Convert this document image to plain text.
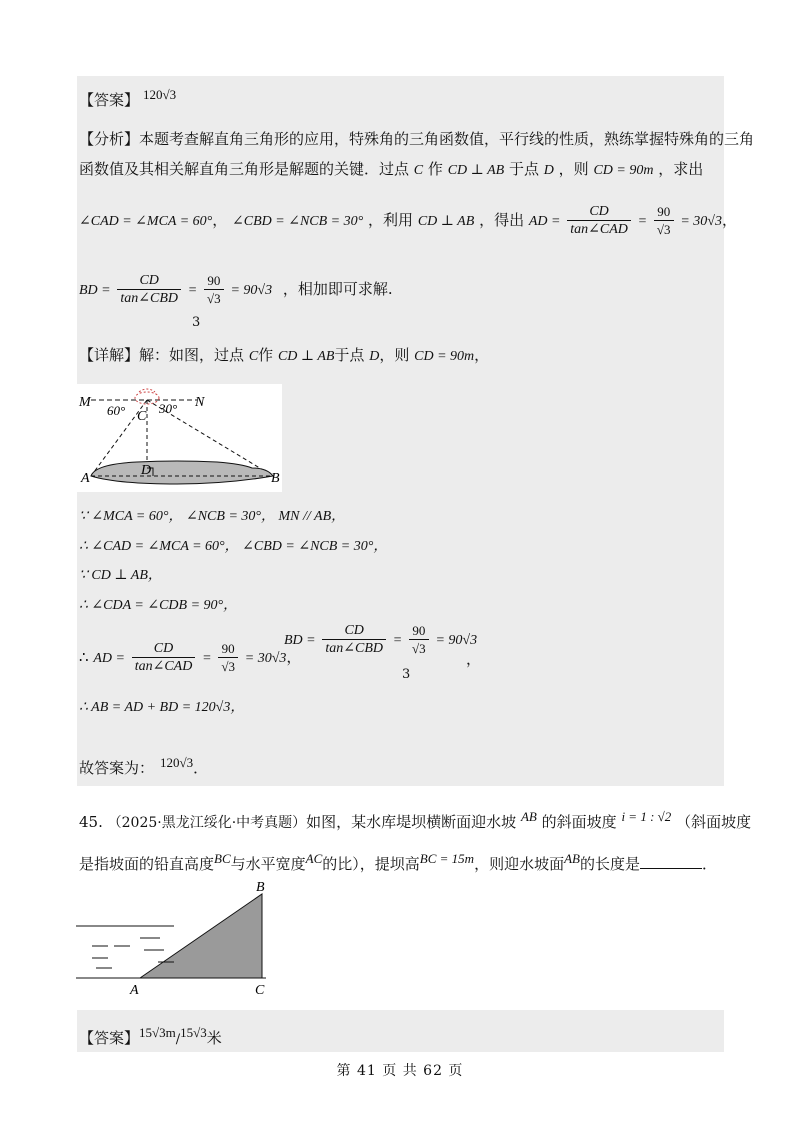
【答案】 $^{120√3}$
【分析】本题考查解直角三角形的应用，特殊角的三角函数值，平行线的性质，熟练掌握特殊角的三角
函数值及其相关解直角三角形是解题的关键．过点 C 作 CD ⊥ AB 于点 D ，则 CD = 90m ，求出
∠CAD = ∠MCA = 60°， ∠CBD = ∠NCB = 30° ，利用 CD ⊥ AB ，得出 AD = $\frac{CD}{\text{tan∠CAD}} = \frac{90}{√3} = 30√3$，
BD = $\frac{CD}{\text{tan∠CBD}} = \frac{90}{√3} = 90√3$ ，相加即可求解.
3
【详解】解：如图，过点 C作 CD ⊥ AB于点 D，则 CD = 90m，
M	N
C
60°	30°
A	B
D
∵ ∠MCA = 60°， ∠NCB = 30°， MN // AB，
∴ ∠CAD = ∠MCA = 60°， ∠CBD = ∠NCB = 30°，
∵ CD ⊥ AB，
∴ ∠CDA = ∠CDB = 90°，
∴ AD = $\frac{CD}{\text{tan∠CAD}} = \frac{90}{√3} = 30√3$，
BD = $\frac{CD}{\text{tan∠CBD}} = \frac{90}{√3} = 90√3$
3
，
∴ AB = AD + BD = 120√3，
故答案为： $^{120√3}$．
45. （2025·黑龙江绥化·中考真题）如图，某水库堤坝横断面迎水坡 $^{AB}$ 的斜面坡度 $^{i = 1 : √2}$ （斜面坡度
是指坡面的铅直高度$^{BC}$与水平宽度$^{AC}$的比），提坝高$^{BC = 15m}$，则迎水坡面$^{AB}$的长度是	．
B
A	C
【答案】$^{15√3m}$/$^{15√3}$米
第 41 页 共 62 页
